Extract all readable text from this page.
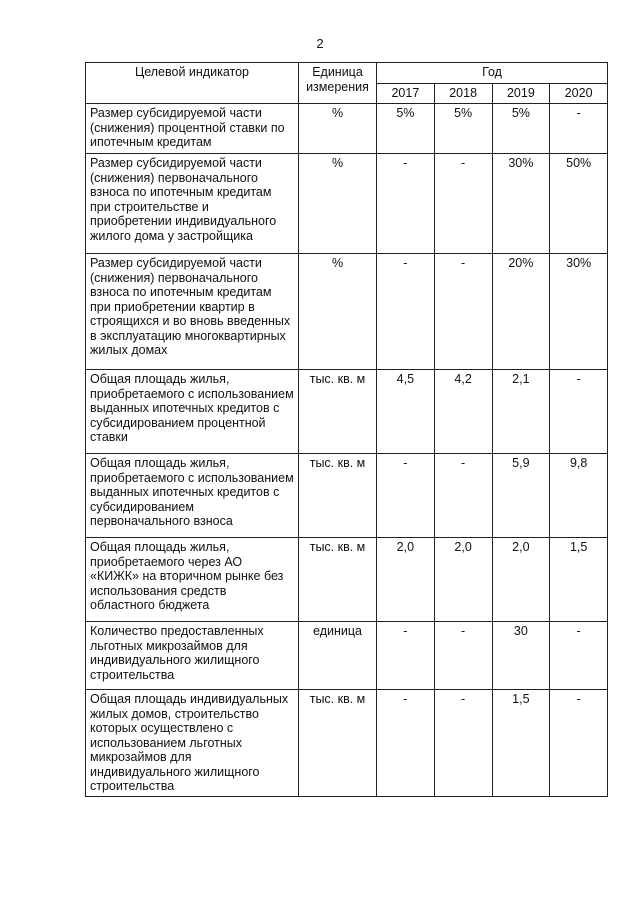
2
Целевой индикатор	Единица измерения	Год			
		2017	2018	2019	2020
Размер субсидируемой части (снижения) процентной ставки по ипотечным кредитам	%	5%	5%	5%	-
Размер субсидируемой части (снижения) первоначального взноса по ипотечным кредитам при строительстве и приобретении индивидуального жилого дома у застройщика	%	-	-	30%	50%
Размер субсидируемой части (снижения) первоначального взноса по ипотечным кредитам при приобретении квартир в строящихся и во вновь введенных в эксплуатацию многоквартирных жилых домах	%	-	-	20%	30%
Общая площадь жилья, приобретаемого с использованием выданных ипотечных кредитов с субсидированием процентной ставки	тыс. кв. м	4,5	4,2	2,1	-
Общая площадь жилья, приобретаемого с использованием выданных ипотечных кредитов с субсидированием первоначального взноса	тыс. кв. м	-	-	5,9	9,8
Общая площадь жилья, приобретаемого через АО «КИЖК» на вторичном рынке без использования средств областного бюджета	тыс. кв. м	2,0	2,0	2,0	1,5
Количество предоставленных льготных микрозаймов для индивидуального жилищного строительства	единица	-	-	30	-
Общая площадь индивидуальных жилых домов, строительство которых осуществлено с использованием льготных микрозаймов для индивидуального жилищного строительства	тыс. кв. м	-	-	1,5	-
